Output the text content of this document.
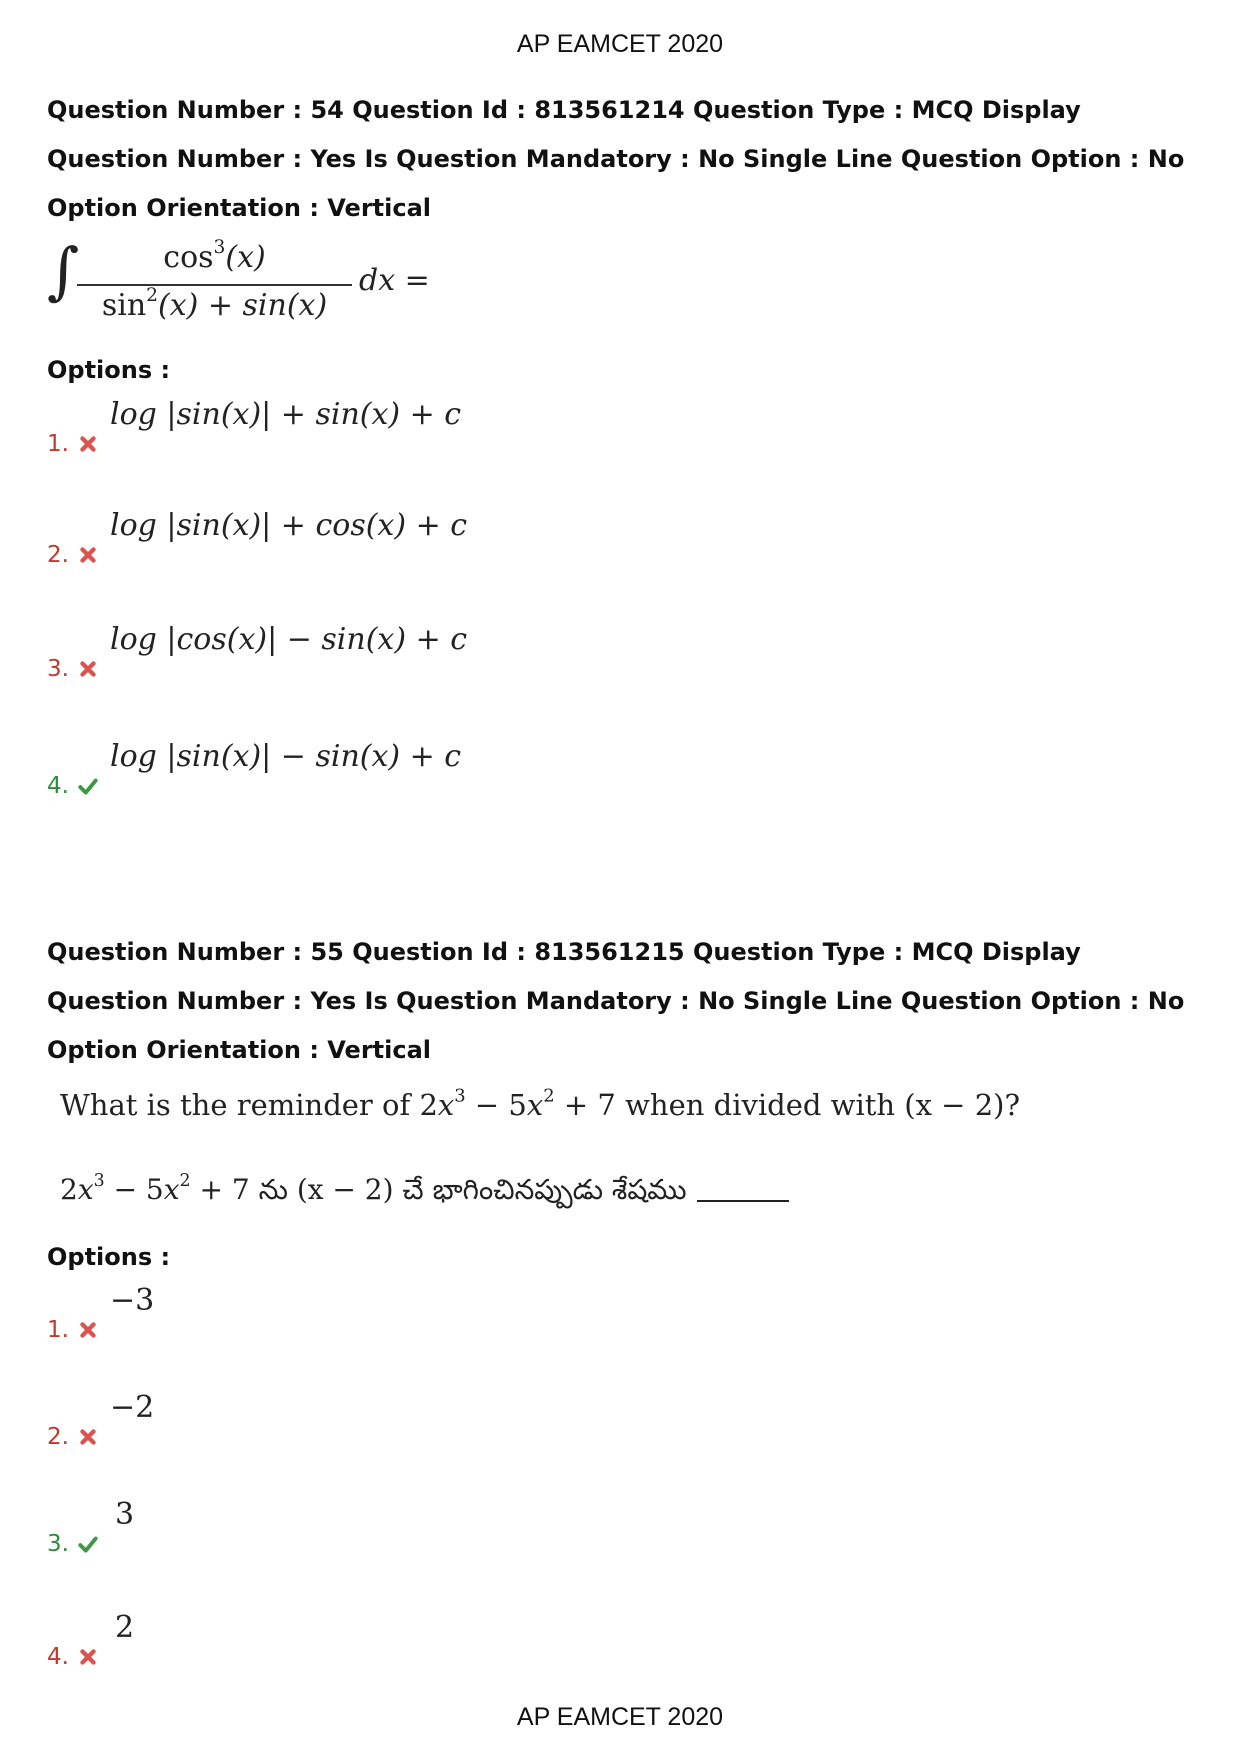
AP EAMCET 2020
Question Number : 54 Question Id : 813561214 Question Type : MCQ Display Question Number : Yes Is Question Mandatory : No Single Line Question Option : No Option Orientation : Vertical
∫	$\cos^3(x)$
$\sin^2(x) + \sin(x)$
dx =
Options :
1.
log |sin(x)| + sin(x) + c
2.
log |sin(x)| + cos(x) + c
3.
log |cos(x)| − sin(x) + c
4.
log |sin(x)| − sin(x) + c
Question Number : 55 Question Id : 813561215 Question Type : MCQ Display Question Number : Yes Is Question Mandatory : No Single Line Question Option : No Option Orientation : Vertical
What is the reminder of $2x^3 - 5x^2 + 7$ when divided with (x − 2)?
$2x^3 - 5x^2 + 7$ ను (x − 2) చే భాగించినప్పుడు శేషము
Options :
1.
−3
2.
−2
3.
3
4.
2
AP EAMCET 2020
